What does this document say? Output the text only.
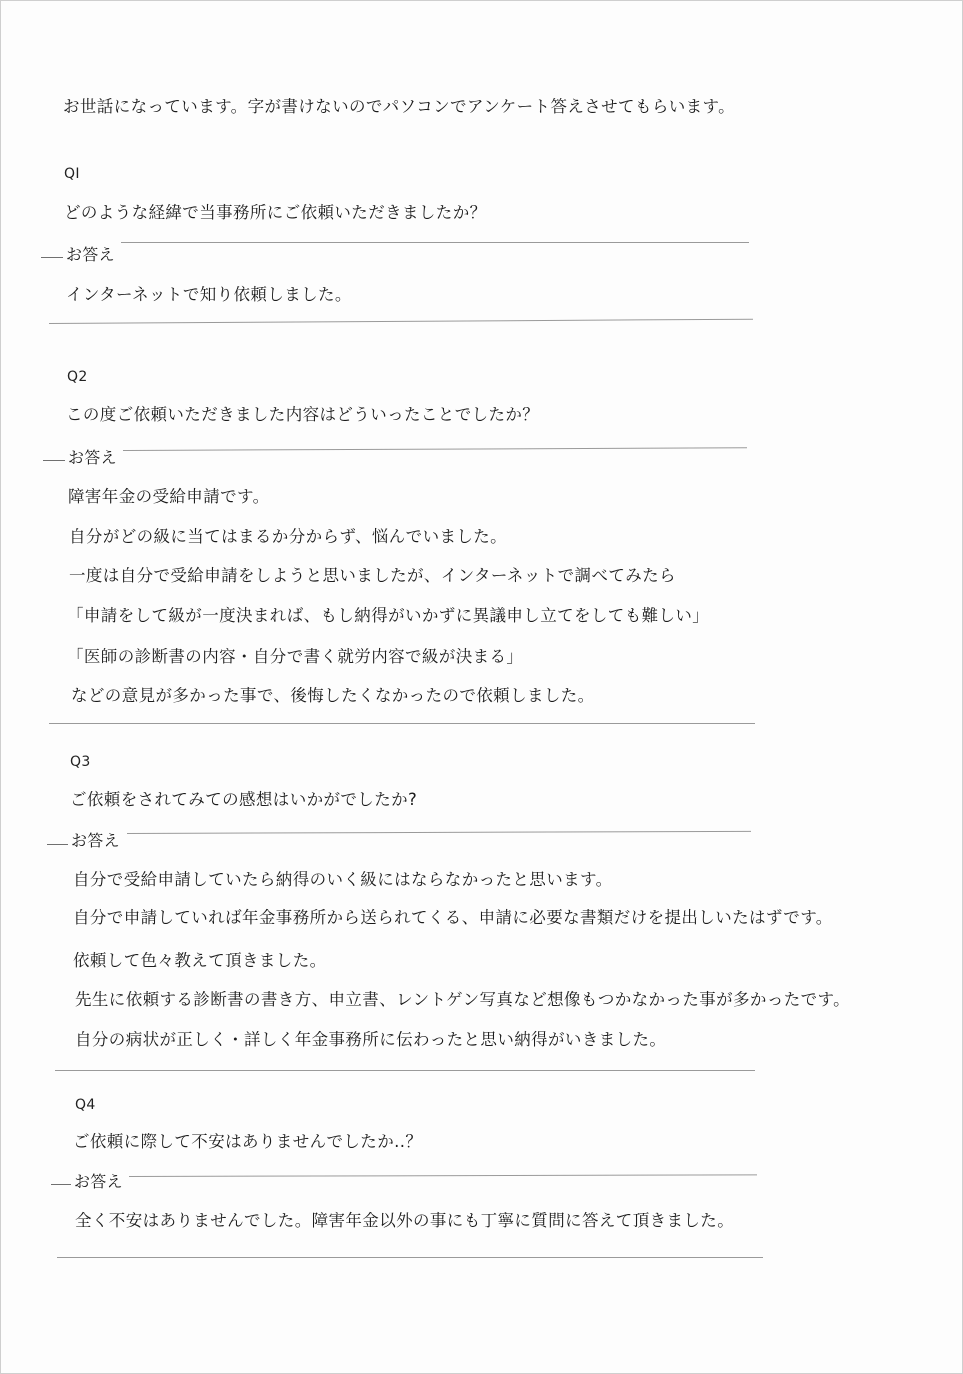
お世話になっています。字が書けないのでパソコンでアンケート答えさせてもらいます。
QI
どのような経緯で当事務所にご依頼いただきましたか？
お答え
インターネットで知り依頼しました。
Q2
この度ご依頼いただきました内容はどういったことでしたか？
お答え
障害年金の受給申請です。
自分がどの級に当てはまるか分からず、悩んでいました。
一度は自分で受給申請をしようと思いましたが、インターネットで調べてみたら
「申請をして級が一度決まれば、もし納得がいかずに異議申し立てをしても難しい」
「医師の診断書の内容・自分で書く就労内容で級が決まる」
などの意見が多かった事で、後悔したくなかったので依頼しました。
Q3
ご依頼をされてみての感想はいかがでしたか?
お答え
自分で受給申請していたら納得のいく級にはならなかったと思います。
自分で申請していれば年金事務所から送られてくる、申請に必要な書類だけを提出しいたはずです。
依頼して色々教えて頂きました。
先生に依頼する診断書の書き方、申立書、レントゲン写真など想像もつかなかった事が多かったです。
自分の病状が正しく・詳しく年金事務所に伝わったと思い納得がいきました。
Q4
ご依頼に際して不安はありませんでしたか..？
お答え
全く不安はありませんでした。障害年金以外の事にも丁寧に質問に答えて頂きました。
